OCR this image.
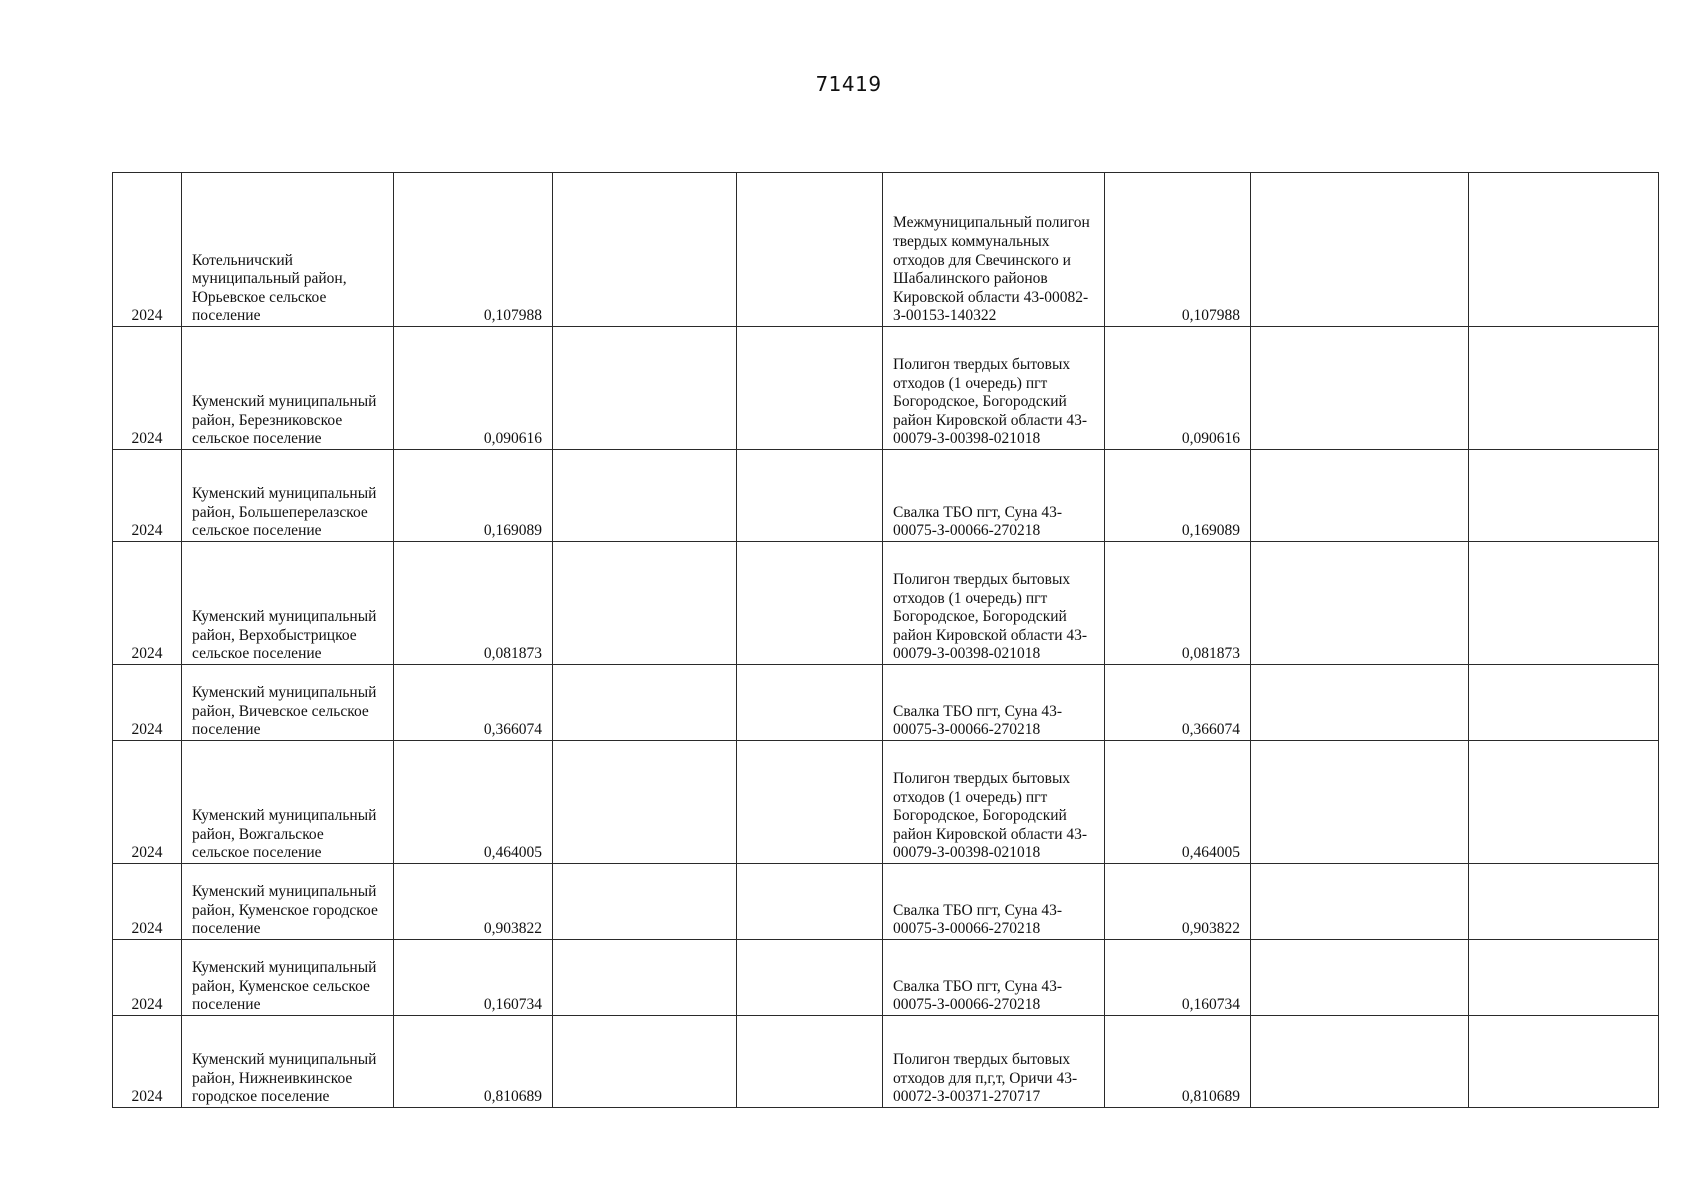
71419
2024	Котельничский муниципальный район, Юрьевское сельское поселение	0,107988			Межмуниципальный полигон твердых коммунальных отходов для Свечинского и Шабалинского районов Кировской области 43-00082-З-00153-140322	0,107988		
2024	Куменский муниципальный район, Березниковское сельское поселение	0,090616			Полигон твердых бытовых отходов (1 очередь) пгт Богородское, Богородский район Кировской области 43-00079-З-00398-021018	0,090616		
2024	Куменский муниципальный район, Большеперелазское сельское поселение	0,169089			Свалка ТБО пгт, Суна 43-00075-З-00066-270218	0,169089		
2024	Куменский муниципальный район, Верхобыстрицкое сельское поселение	0,081873			Полигон твердых бытовых отходов (1 очередь) пгт Богородское, Богородский район Кировской области 43-00079-З-00398-021018	0,081873		
2024	Куменский муниципальный район, Вичевское сельское поселение	0,366074			Свалка ТБО пгт, Суна 43-00075-З-00066-270218	0,366074		
2024	Куменский муниципальный район, Вожгальское сельское поселение	0,464005			Полигон твердых бытовых отходов (1 очередь) пгт Богородское, Богородский район Кировской области 43-00079-З-00398-021018	0,464005		
2024	Куменский муниципальный район, Куменское городское поселение	0,903822			Свалка ТБО пгт, Суна 43-00075-З-00066-270218	0,903822		
2024	Куменский муниципальный район, Куменское сельское поселение	0,160734			Свалка ТБО пгт, Суна 43-00075-З-00066-270218	0,160734		
2024	Куменский муниципальный район, Нижнеивкинское городское поселение	0,810689			Полигон твердых бытовых отходов для п,г,т, Оричи 43-00072-З-00371-270717	0,810689		
